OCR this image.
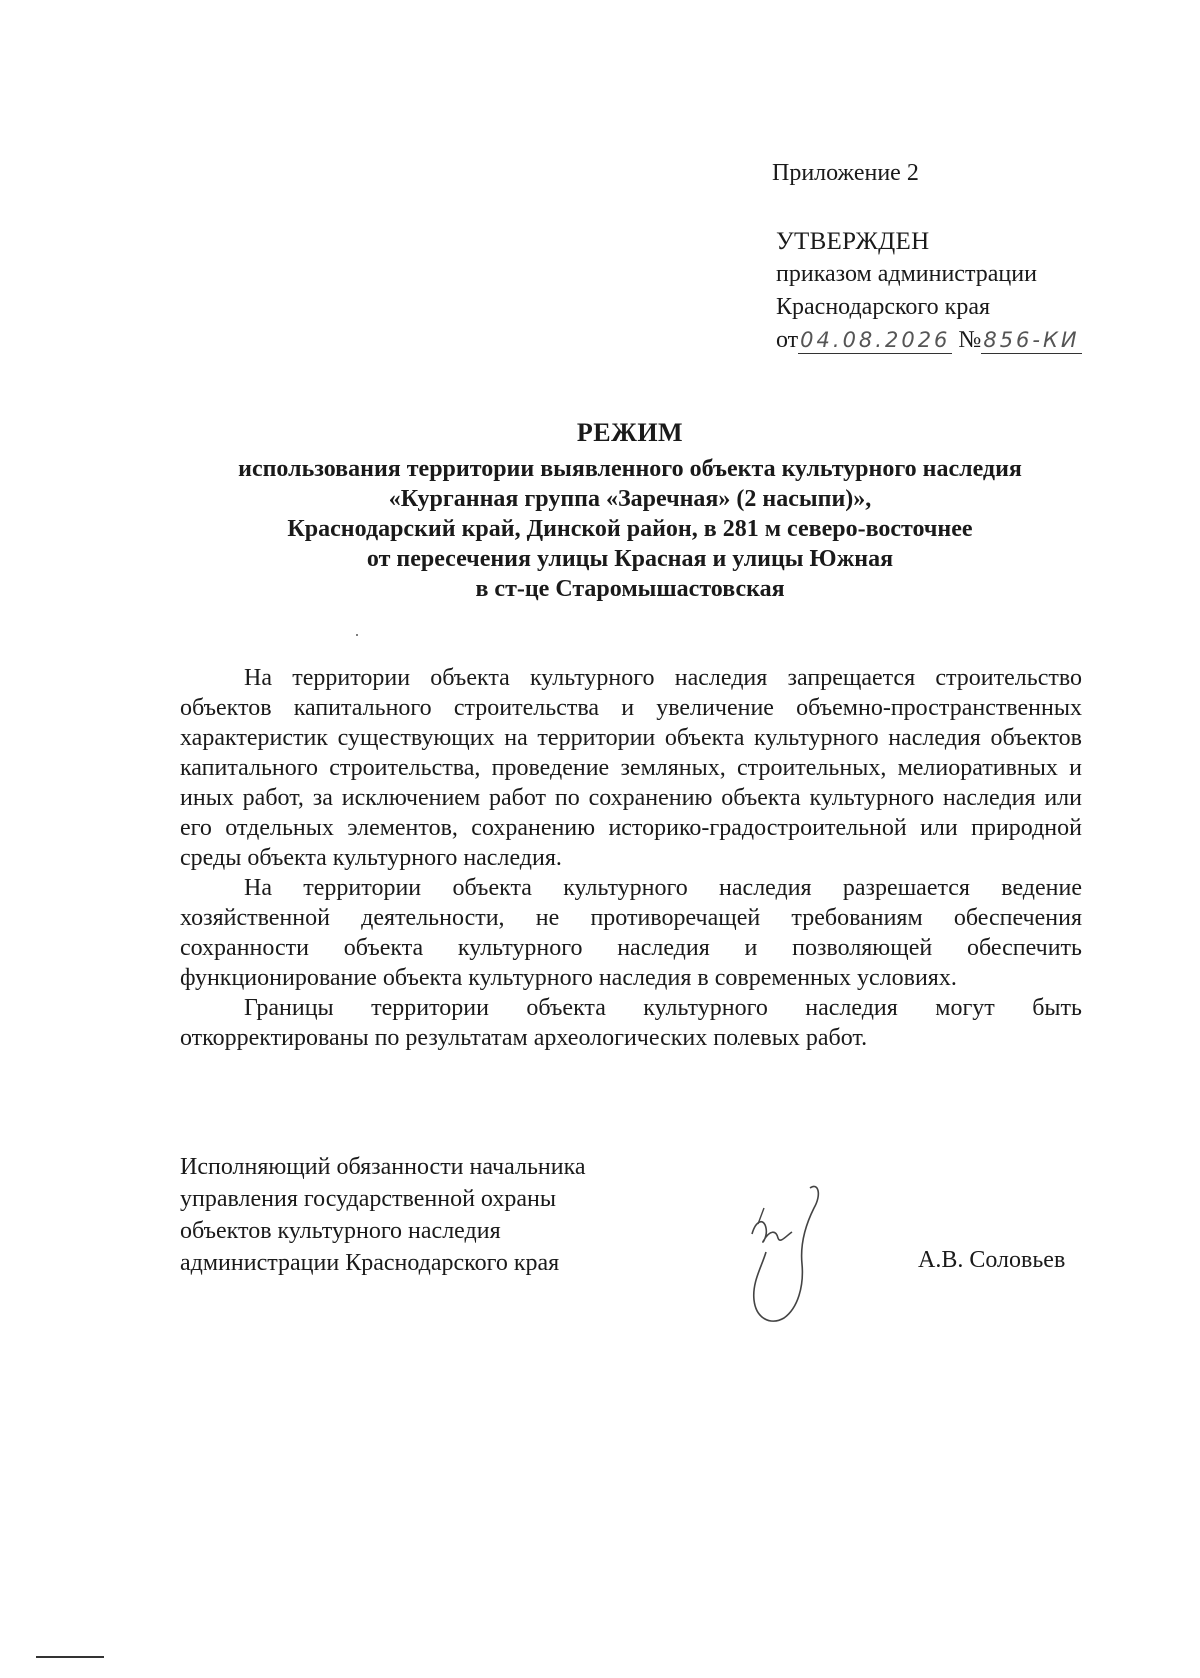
Приложение 2
УТВЕРЖДЕН
приказом администрации
Краснодарского края
от04.08.2026 №856-КИ
РЕЖИМ
использования территории выявленного объекта культурного наследия
«Курганная группа «Заречная» (2 насыпи)»,
Краснодарский край, Динской район, в 281 м северо-восточнее
от пересечения улицы Красная и улицы Южная
в ст-це Старомышастовская

На территории объекта культурного наследия запрещается строительство объектов капитального строительства и увеличение объемно-пространственных характеристик существующих на территории объекта культурного наследия объектов капитального строительства, проведение земляных, строительных, мелиоративных и иных работ, за исключением работ по сохранению объекта культурного наследия или его отдельных элементов, сохранению историко-градостроительной или природной среды объекта культурного наследия.

На территории объекта культурного наследия разрешается ведение хозяйственной деятельности, не противоречащей требованиям обеспечения сохранности объекта культурного наследия и позволяющей обеспечить функционирование объекта культурного наследия в современных условиях.

Границы территории объекта культурного наследия могут быть откорректированы по результатам археологических полевых работ.

Исполняющий обязанности начальника
управления государственной охраны
объектов культурного наследия
администрации Краснодарского края	А.В. Соловьев
